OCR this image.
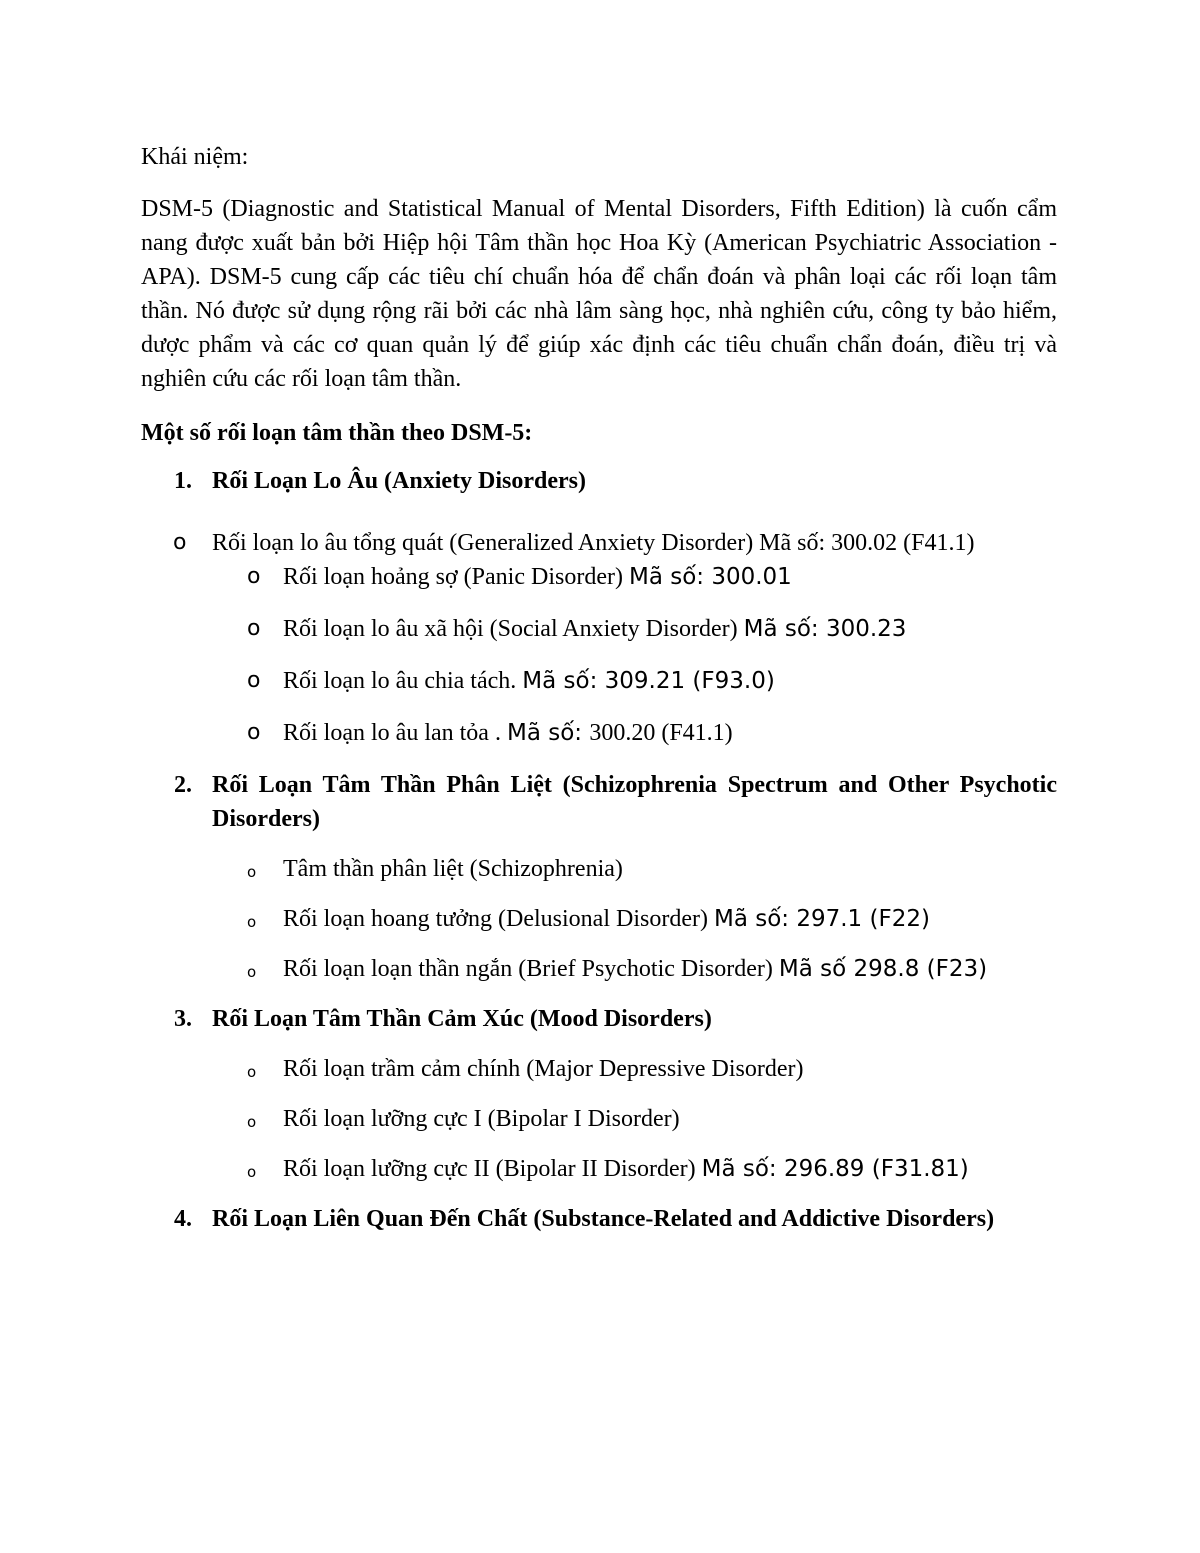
Khái niệm:

DSM-5 (Diagnostic and Statistical Manual of Mental Disorders, Fifth Edition) là cuốn cẩm nang được xuất bản bởi Hiệp hội Tâm thần học Hoa Kỳ (American Psychiatric Association - APA). DSM-5 cung cấp các tiêu chí chuẩn hóa để chẩn đoán và phân loại các rối loạn tâm thần. Nó được sử dụng rộng rãi bởi các nhà lâm sàng học, nhà nghiên cứu, công ty bảo hiểm, dược phẩm và các cơ quan quản lý để giúp xác định các tiêu chuẩn chẩn đoán, điều trị và nghiên cứu các rối loạn tâm thần.

Một số rối loạn tâm thần theo DSM-5:

1. Rối Loạn Lo Âu (Anxiety Disorders)

o Rối loạn lo âu tổng quát (Generalized Anxiety Disorder) Mã số: 300.02 (F41.1)

o Rối loạn hoảng sợ (Panic Disorder) Mã số: 300.01

o Rối loạn lo âu xã hội (Social Anxiety Disorder) Mã số: 300.23

o Rối loạn lo âu chia tách. Mã số: 309.21 (F93.0)

o Rối loạn lo âu lan tỏa . Mã số: 300.20 (F41.1)

2. Rối Loạn Tâm Thần Phân Liệt (Schizophrenia Spectrum and Other Psychotic Disorders)

o Tâm thần phân liệt (Schizophrenia)

o Rối loạn hoang tưởng (Delusional Disorder) Mã số: 297.1 (F22)

o Rối loạn loạn thần ngắn (Brief Psychotic Disorder) Mã số 298.8 (F23)

3. Rối Loạn Tâm Thần Cảm Xúc (Mood Disorders)

o Rối loạn trầm cảm chính (Major Depressive Disorder)

o Rối loạn lưỡng cực I (Bipolar I Disorder)

o Rối loạn lưỡng cực II (Bipolar II Disorder) Mã số: 296.89 (F31.81)

4. Rối Loạn Liên Quan Đến Chất (Substance-Related and Addictive Disorders)
